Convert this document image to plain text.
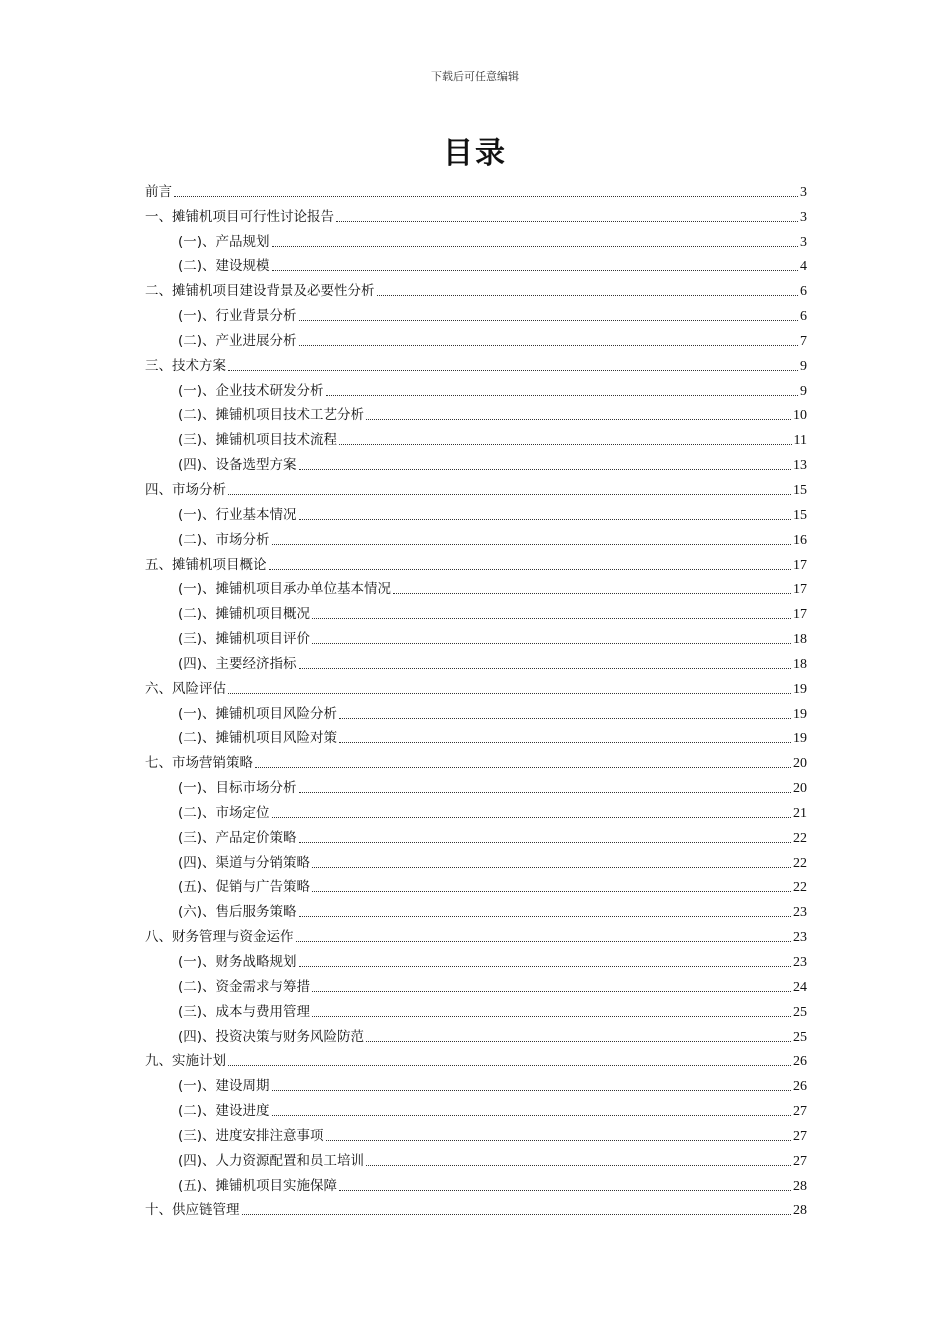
下载后可任意编辑
目录
前言	3
一、摊铺机项目可行性讨论报告	3
(一)、产品规划	3
(二)、建设规模	4
二、摊铺机项目建设背景及必要性分析	6
(一)、行业背景分析	6
(二)、产业进展分析	7
三、技术方案	9
(一)、企业技术研发分析	9
(二)、摊铺机项目技术工艺分析	10
(三)、摊铺机项目技术流程	11
(四)、设备选型方案	13
四、市场分析	15
(一)、行业基本情况	15
(二)、市场分析	16
五、摊铺机项目概论	17
(一)、摊铺机项目承办单位基本情况	17
(二)、摊铺机项目概况	17
(三)、摊铺机项目评价	18
(四)、主要经济指标	18
六、风险评估	19
(一)、摊铺机项目风险分析	19
(二)、摊铺机项目风险对策	19
七、市场营销策略	20
(一)、目标市场分析	20
(二)、市场定位	21
(三)、产品定价策略	22
(四)、渠道与分销策略	22
(五)、促销与广告策略	22
(六)、售后服务策略	23
八、财务管理与资金运作	23
(一)、财务战略规划	23
(二)、资金需求与筹措	24
(三)、成本与费用管理	25
(四)、投资决策与财务风险防范	25
九、实施计划	26
(一)、建设周期	26
(二)、建设进度	27
(三)、进度安排注意事项	27
(四)、人力资源配置和员工培训	27
(五)、摊铺机项目实施保障	28
十、供应链管理	28
